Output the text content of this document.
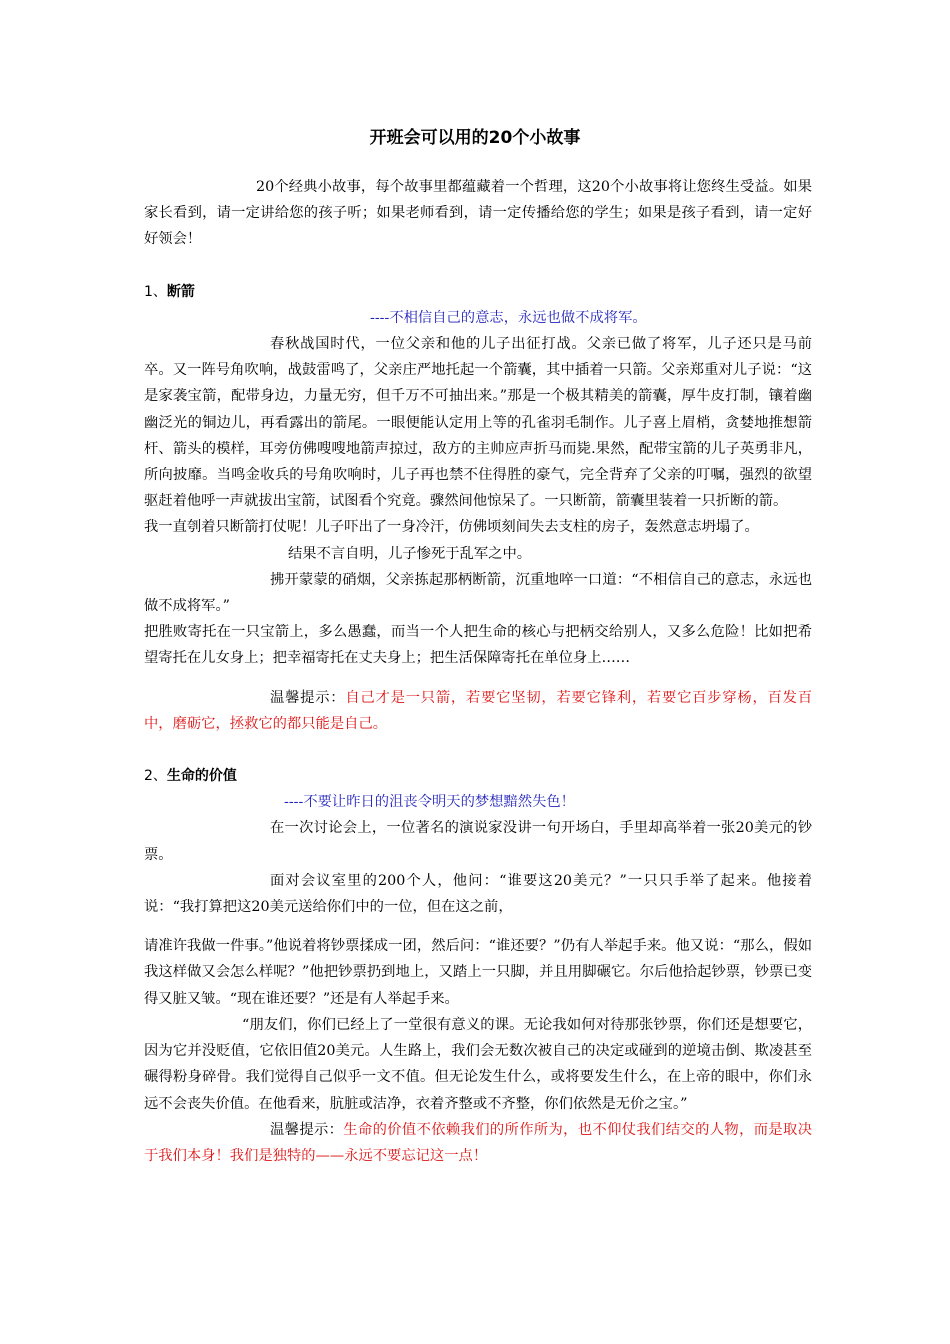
开班会可以用的20个小故事

20个经典小故事，每个故事里都蕴藏着一个哲理，这20个小故事将让您终生受益。如果家长看到，请一定讲给您的孩子听；如果老师看到，请一定传播给您的学生；如果是孩子看到，请一定好好领会！

1、断箭

----不相信自己的意志，永远也做不成将军。

春秋战国时代，一位父亲和他的儿子出征打战。父亲已做了将军，儿子还只是马前卒。又一阵号角吹响，战鼓雷鸣了，父亲庄严地托起一个箭囊，其中插着一只箭。父亲郑重对儿子说：“这是家袭宝箭，配带身边，力量无穷，但千万不可抽出来。”那是一个极其精美的箭囊，厚牛皮打制，镶着幽幽泛光的铜边儿，再看露出的箭尾。一眼便能认定用上等的孔雀羽毛制作。儿子喜上眉梢，贪婪地推想箭杆、箭头的模样，耳旁仿佛嗖嗖地箭声掠过，敌方的主帅应声折马而毙.果然，配带宝箭的儿子英勇非凡，所向披靡。当鸣金收兵的号角吹响时，儿子再也禁不住得胜的豪气，完全背弃了父亲的叮嘱，强烈的欲望驱赶着他呼一声就拔出宝箭，试图看个究竟。骤然间他惊呆了。一只断箭，箭囊里装着一只折断的箭。

我一直刳着只断箭打仗呢！儿子吓出了一身冷汗，仿佛顷刻间失去支柱的房子，轰然意志坍塌了。

结果不言自明，儿子惨死于乱军之中。

拂开蒙蒙的硝烟，父亲拣起那柄断箭，沉重地啐一口道：“不相信自己的意志，永远也做不成将军。”

把胜败寄托在一只宝箭上，多么愚蠢，而当一个人把生命的核心与把柄交给别人，又多么危险！比如把希望寄托在儿女身上；把幸福寄托在丈夫身上；把生活保障寄托在单位身上……

温馨提示：自己才是一只箭，若要它坚韧，若要它锋利，若要它百步穿杨，百发百中，磨砺它，拯救它的都只能是自己。

2、生命的价值

----不要让昨日的沮丧令明天的梦想黯然失色！

在一次讨论会上，一位著名的演说家没讲一句开场白，手里却高举着一张20美元的钞票。

面对会议室里的200个人，他问：“谁要这20美元？”一只只手举了起来。他接着说：“我打算把这20美元送给你们中的一位，但在这之前，

请准许我做一件事。”他说着将钞票揉成一团，然后问：“谁还要？”仍有人举起手来。他又说：“那么，假如我这样做又会怎么样呢？”他把钞票扔到地上，又踏上一只脚，并且用脚碾它。尔后他拾起钞票，钞票已变得又脏又皱。“现在谁还要？”还是有人举起手来。

“朋友们，你们已经上了一堂很有意义的课。无论我如何对待那张钞票，你们还是想要它，因为它并没贬值，它依旧值20美元。人生路上，我们会无数次被自己的决定或碰到的逆境击倒、欺凌甚至碾得粉身碎骨。我们觉得自己似乎一文不值。但无论发生什么，或将要发生什么，在上帝的眼中，你们永远不会丧失价值。在他看来，肮脏或洁净，衣着齐整或不齐整，你们依然是无价之宝。”

温馨提示：生命的价值不依赖我们的所作所为，也不仰仗我们结交的人物，而是取决于我们本身！我们是独特的——永远不要忘记这一点！
